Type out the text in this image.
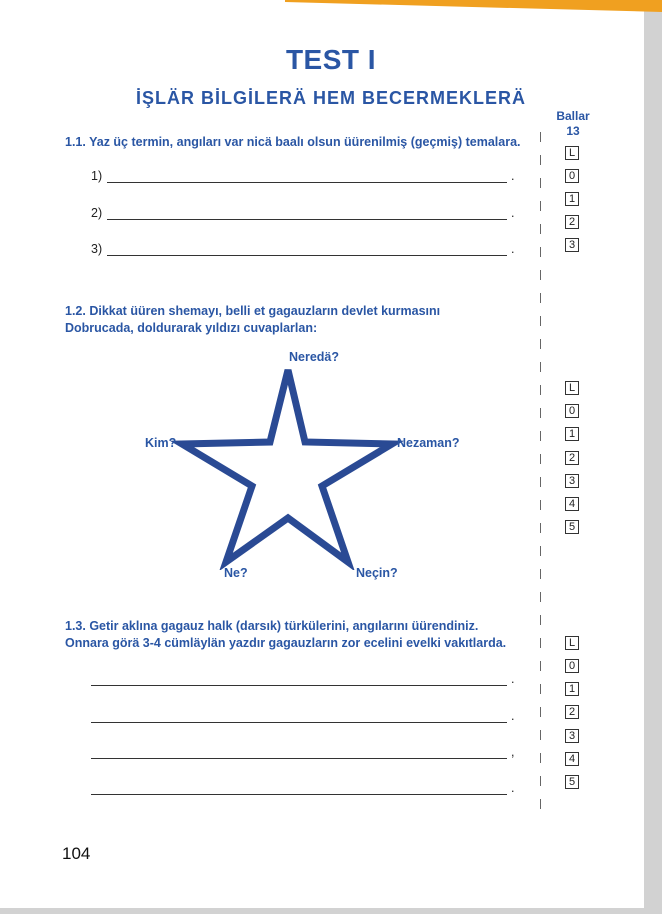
TEST I
İŞLÄR BİLGİLERÄ HEM BECERMEKLERÄ
Ballar
13
1.1. Yaz üç termin, angıları var nicä baalı olsun üürenilmiş (geçmiş) temalara.
1)	.
2)	.
3)	.
L
0
1
2
3
1.2. Dikkat üüren shemayı, belli et gagauzların devlet kurmasını
Dobrucada, doldurarak yıldızı cuvaplarlan:
Neredä?
Kim?	Nezaman?
Ne?	Neçin?
L
0
1
2
3
4
5
1.3. Getir aklına gagauz halk (darsık) türkülerini, angılarını üürendiniz.
Onnara görä 3-4 cümläylän yazdır gagauzların zor ecelini evelki vakıtlarda.
.
.
,
.
L
0
1
2
3
4
5
104
